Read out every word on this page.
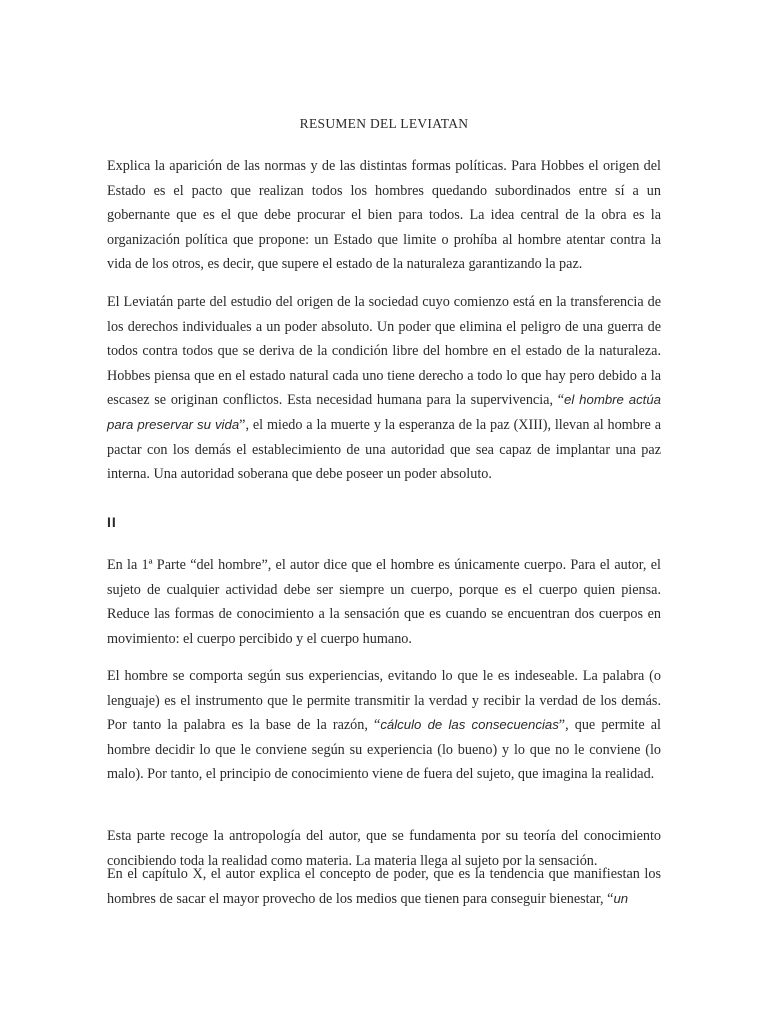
RESUMEN DEL LEVIATAN

Explica la aparición de las normas y de las distintas formas políticas. Para Hobbes el origen del Estado es el pacto que realizan todos los hombres quedando subordinados entre sí a un gobernante que es el que debe procurar el bien para todos. La idea central de la obra es la organización política que propone: un Estado que limite o prohíba al hombre atentar contra la vida de los otros, es decir, que supere el estado de la naturaleza garantizando la paz.

El Leviatán parte del estudio del origen de la sociedad cuyo comienzo está en la transferencia de los derechos individuales a un poder absoluto. Un poder que elimina el peligro de una guerra de todos contra todos que se deriva de la condición libre del hombre en el estado de la naturaleza. Hobbes piensa que en el estado natural cada uno tiene derecho a todo lo que hay pero debido a la escasez se originan conflictos. Esta necesidad humana para la supervivencia, “el hombre actúa para preservar su vida”, el miedo a la muerte y la esperanza de la paz (XIII), llevan al hombre a pactar con los demás el establecimiento de una autoridad que sea capaz de implantar una paz interna. Una autoridad soberana que debe poseer un poder absoluto.

II

En la 1ª Parte “del hombre”, el autor dice que el hombre es únicamente cuerpo. Para el autor, el sujeto de cualquier actividad debe ser siempre un cuerpo, porque es el cuerpo quien piensa. Reduce las formas de conocimiento a la sensación que es cuando se encuentran dos cuerpos en movimiento: el cuerpo percibido y el cuerpo humano.

El hombre se comporta según sus experiencias, evitando lo que le es indeseable. La palabra (o lenguaje) es el instrumento que le permite transmitir la verdad y recibir la verdad de los demás. Por tanto la palabra es la base de la razón, “cálculo de las consecuencias”, que permite al hombre decidir lo que le conviene según su experiencia (lo bueno) y lo que no le conviene (lo malo). Por tanto, el principio de conocimiento viene de fuera del sujeto, que imagina la realidad.

Esta parte recoge la antropología del autor, que se fundamenta por su teoría del conocimiento concibiendo toda la realidad como materia. La materia llega al sujeto por la sensación.

En el capítulo X, el autor explica el concepto de poder, que es la tendencia que manifiestan los hombres de sacar el mayor provecho de los medios que tienen para conseguir bienestar, “un
